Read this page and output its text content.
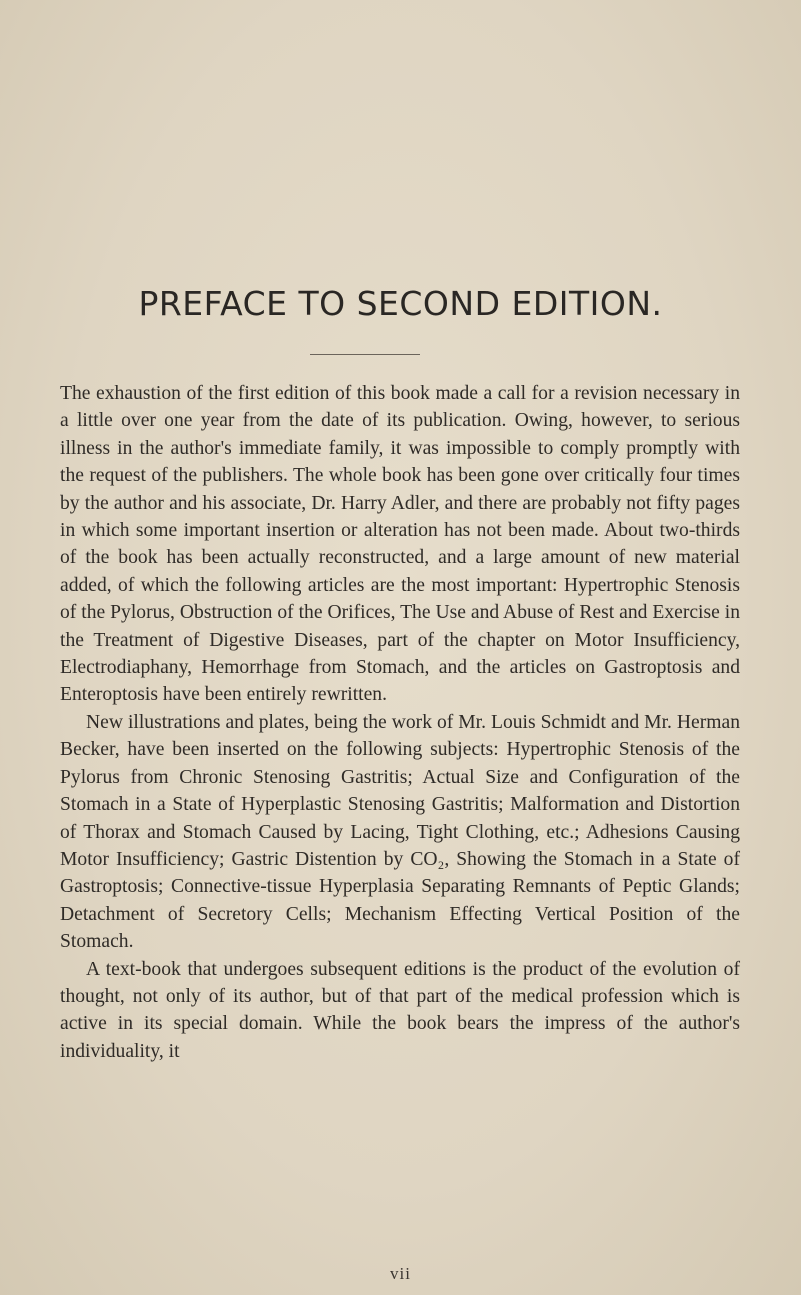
PREFACE TO SECOND EDITION.

The exhaustion of the first edition of this book made a call for a revision necessary in a little over one year from the date of its publication. Owing, however, to serious illness in the author's immediate family, it was impossible to comply promptly with the request of the publishers. The whole book has been gone over critically four times by the author and his associate, Dr. Harry Adler, and there are probably not fifty pages in which some important insertion or alteration has not been made. About two-thirds of the book has been actually reconstructed, and a large amount of new material added, of which the following articles are the most important: Hypertrophic Stenosis of the Pylorus, Obstruction of the Orifices, The Use and Abuse of Rest and Exercise in the Treatment of Digestive Diseases, part of the chapter on Motor Insufficiency, Electrodiaphany, Hemorrhage from Stomach, and the articles on Gastroptosis and Enteroptosis have been entirely rewritten.

New illustrations and plates, being the work of Mr. Louis Schmidt and Mr. Herman Becker, have been inserted on the following subjects: Hypertrophic Stenosis of the Pylorus from Chronic Stenosing Gastritis; Actual Size and Configuration of the Stomach in a State of Hyperplastic Stenosing Gastritis; Malformation and Distortion of Thorax and Stomach Caused by Lacing, Tight Clothing, etc.; Adhesions Causing Motor Insufficiency; Gastric Distention by CO₂, Showing the Stomach in a State of Gastroptosis; Connective-tissue Hyperplasia Separating Remnants of Peptic Glands; Detachment of Secretory Cells; Mechanism Effecting Vertical Position of the Stomach.

A text-book that undergoes subsequent editions is the product of the evolution of thought, not only of its author, but of that part of the medical profession which is active in its special domain. While the book bears the impress of the author's individuality, it

vii
